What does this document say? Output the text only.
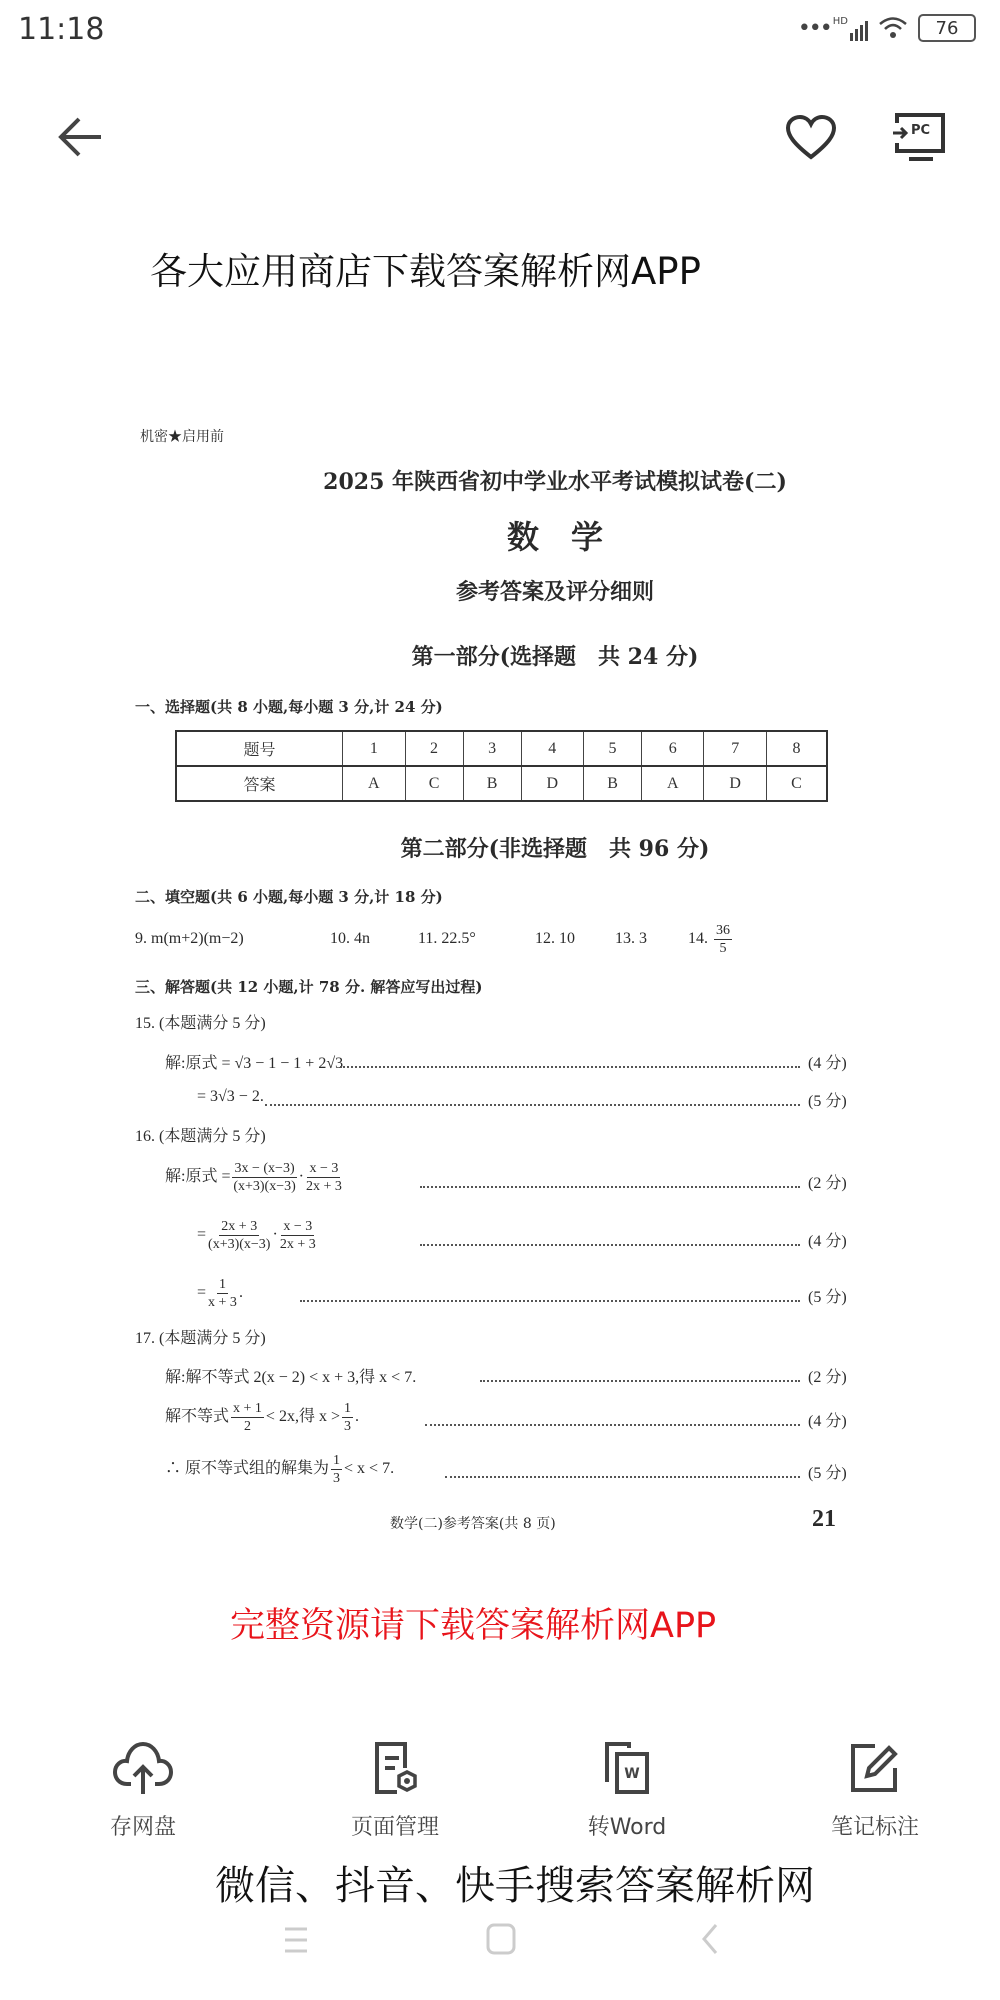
11:18	••• HD	76
PC
机密★启用前
2025 年陕西省初中学业水平考试模拟试卷(二)
数　学
参考答案及评分细则
第一部分(选择题　共 24 分)
一、选择题(共 8 小题,每小题 3 分,计 24 分)
题号	1	2	3	4	5	6	7	8
答案	A	C	B	D	B	A	D	C
第二部分(非选择题　共 96 分)
二、填空题(共 6 小题,每小题 3 分,计 18 分)
9. m(m+2)(m−2)	10. 4n	11. 22.5°	12. 10	13. 3	14. $\frac{36}{5}$
三、解答题(共 12 小题,计 78 分. 解答应写出过程)
15. (本题满分 5 分)
解:原式 = √3 − 1 − 1 + 2√3	(4 分)
= 3√3 − 2.	(5 分)
16. (本题满分 5 分)
解:原式 = $\frac{3x - (x-3)}{(x+3)(x-3)} \cdot \frac{x - 3}{2x + 3}$	(2 分)
= $\frac{2x + 3}{(x+3)(x-3)} \cdot \frac{x - 3}{2x + 3}$	(4 分)
= $\frac{1}{x + 3}$ .	(5 分)
17. (本题满分 5 分)
解:解不等式 2(x − 2) < x + 3,得 x < 7.	(2 分)
解不等式 $\frac{x + 1}{2} < 2x$,得 $x > \frac{1}{3}$ .	(4 分)
∴ 原不等式组的解集为 $\frac{1}{3} < x < 7$.	(5 分)
数学(二)参考答案(共 8 页)	21
存网盘	页面管理
W
转Word	笔记标注
各大应用商店下载答案解析网APP
完整资源请下载答案解析网APP
微信、抖音、快手搜索答案解析网
